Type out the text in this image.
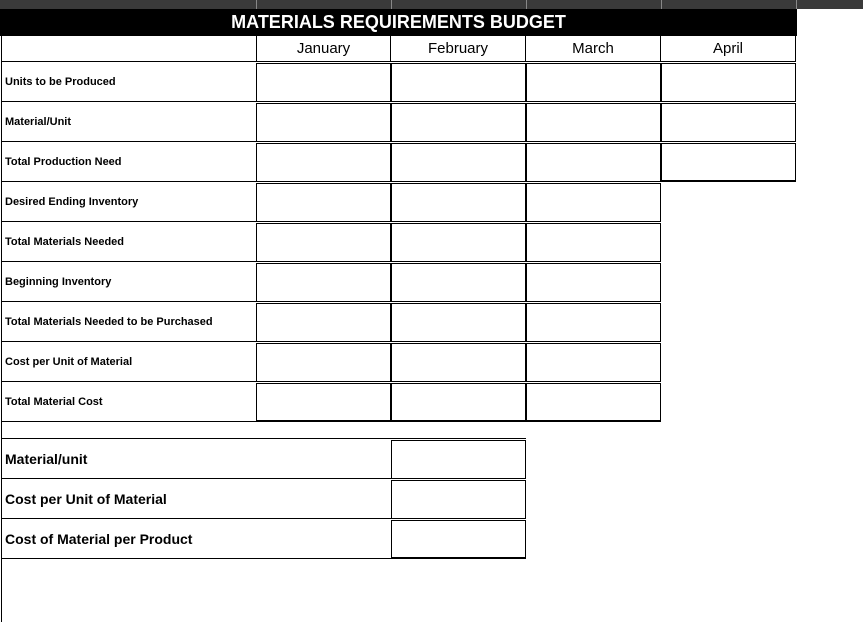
MATERIALS REQUIREMENTS BUDGET
January	February	March	April
Units to be Produced
Material/Unit
Total Production Need
Desired Ending Inventory
Total Materials Needed
Beginning Inventory
Total Materials Needed to be Purchased
Cost per Unit of Material
Total Material Cost
Material/unit
Cost per Unit of Material
Cost of Material per Product
